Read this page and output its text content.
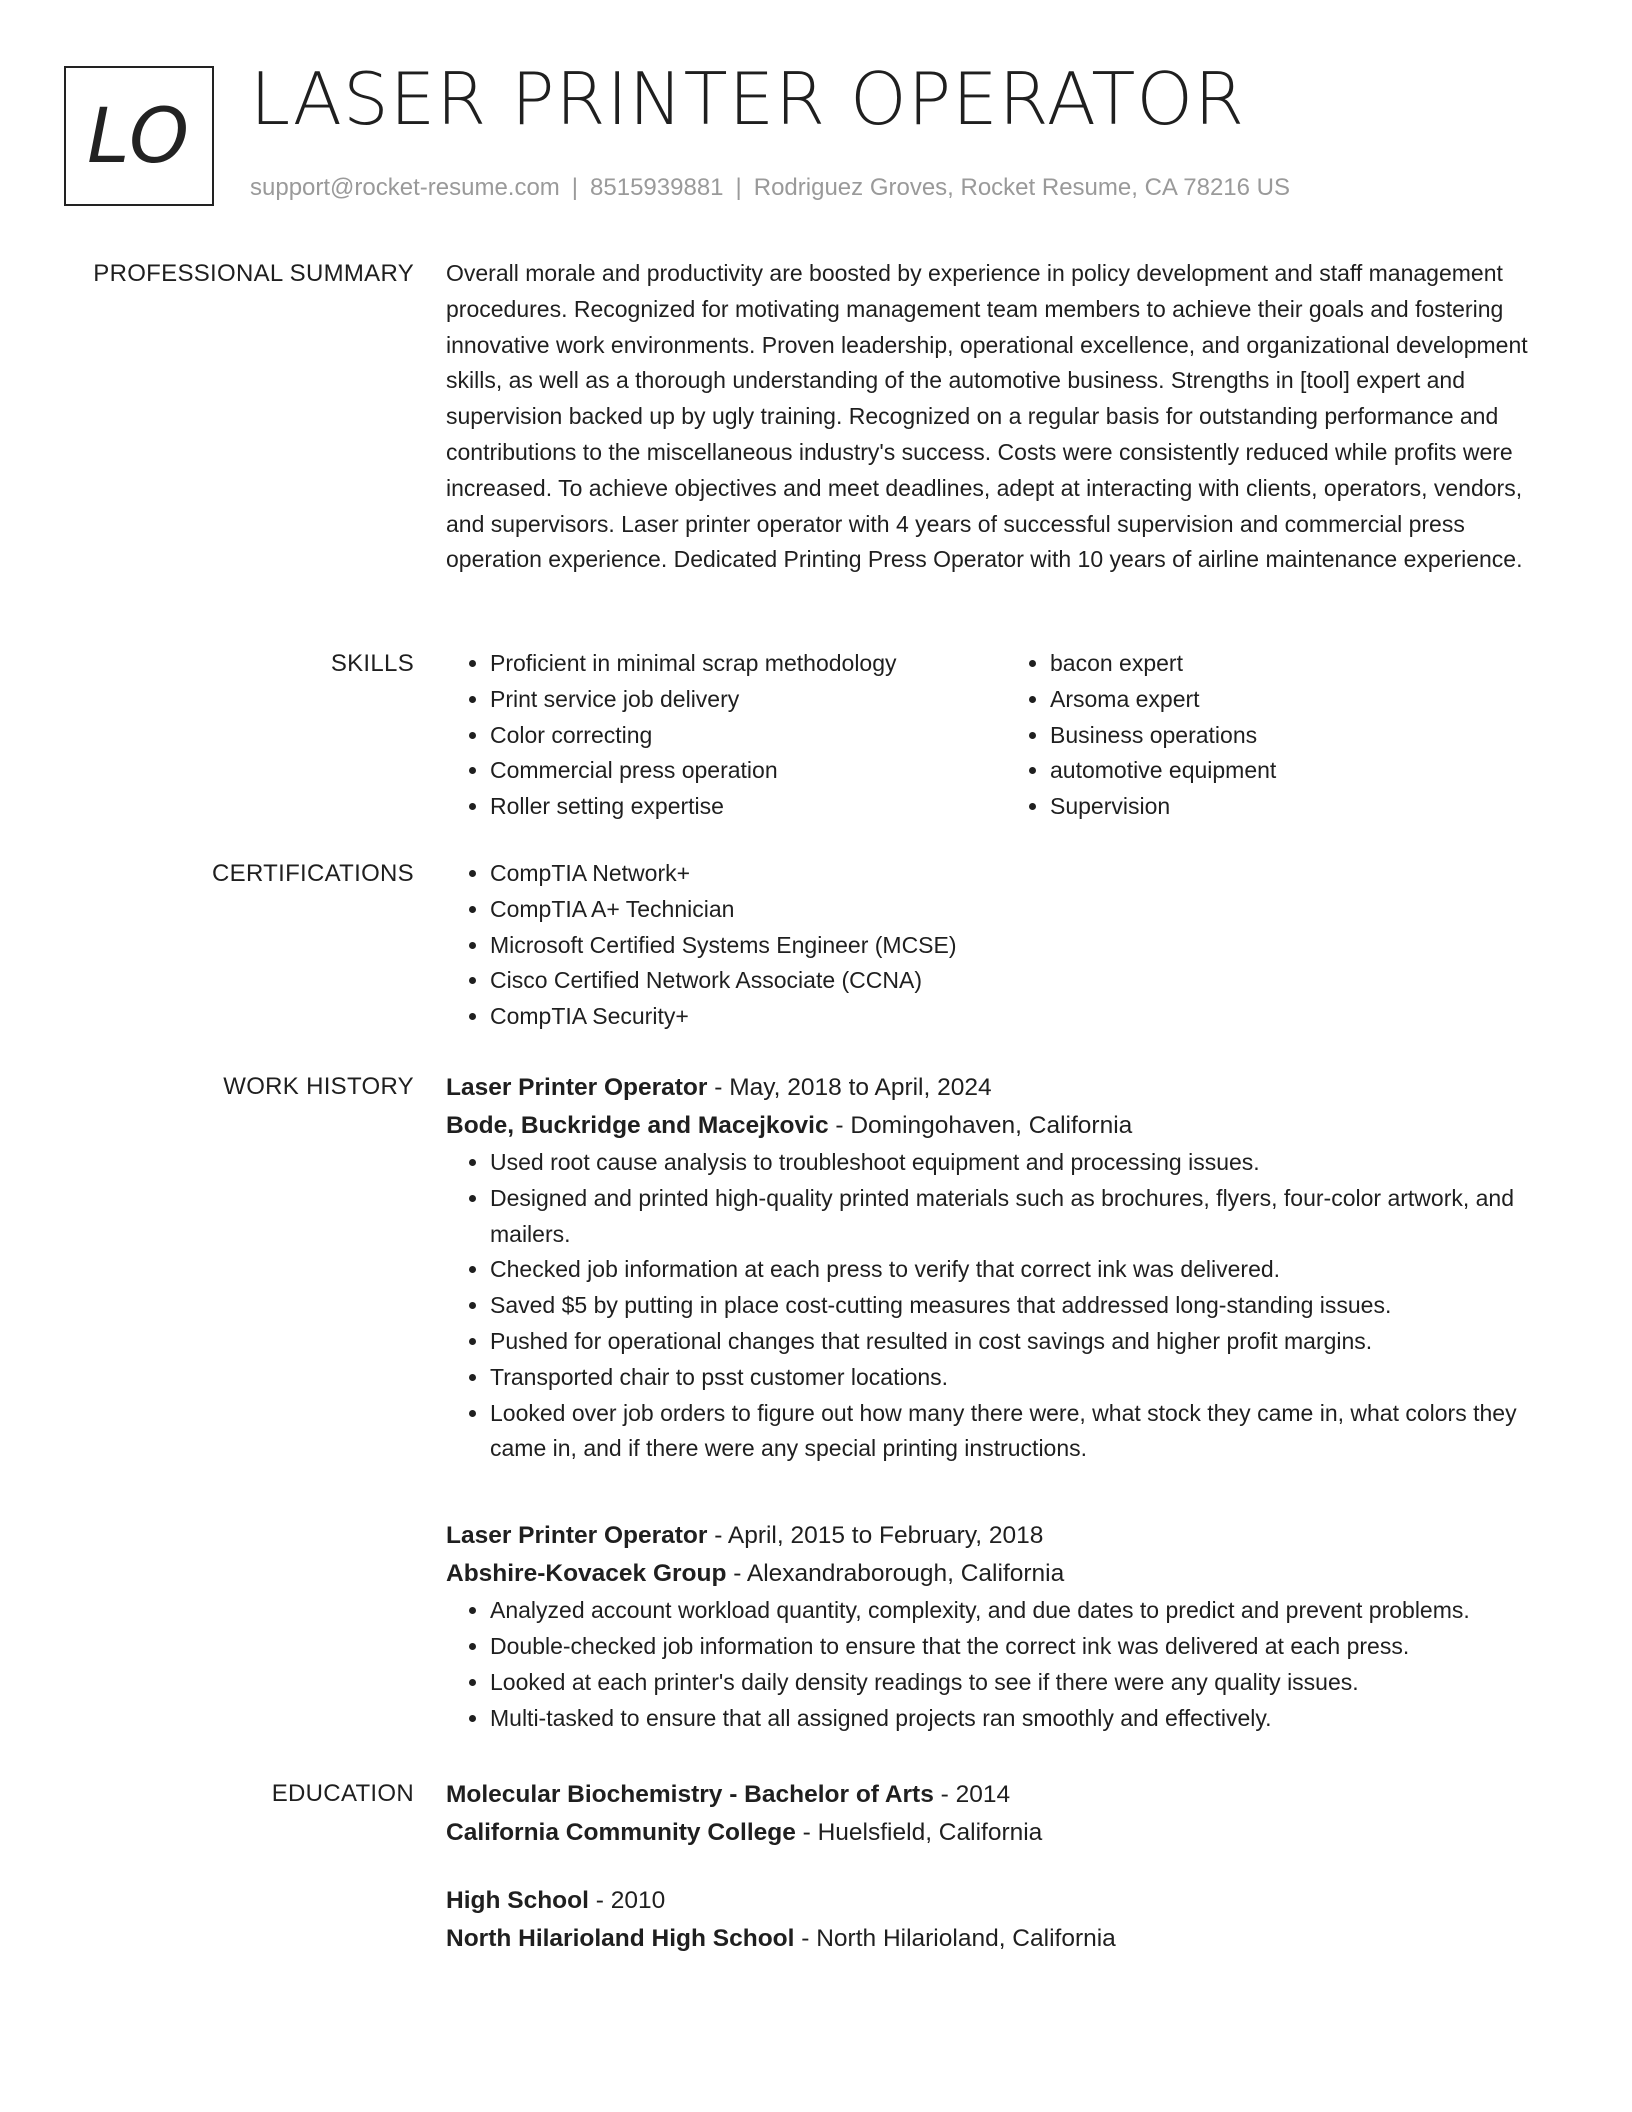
LO LASER PRINTER OPERATOR
support@rocket-resume.com | 8515939881 | Rodriguez Groves, Rocket Resume, CA 78216 US
PROFESSIONAL SUMMARY Overall morale and productivity are boosted by experience in policy development and staff management procedures. Recognized for motivating management team members to achieve their goals and fostering innovative work environments. Proven leadership, operational excellence, and organizational development skills, as well as a thorough understanding of the automotive business. Strengths in [tool] expert and supervision backed up by ugly training. Recognized on a regular basis for outstanding performance and contributions to the miscellaneous industry's success. Costs were consistently reduced while profits were increased. To achieve objectives and meet deadlines, adept at interacting with clients, operators, vendors, and supervisors. Laser printer operator with 4 years of successful supervision and commercial press operation experience. Dedicated Printing Press Operator with 10 years of airline maintenance experience.
SKILLS	• Proficient in minimal scrap methodology
• Print service job delivery
• Color correcting
• Commercial press operation
• Roller setting expertise
• bacon expert
• Arsoma expert
• Business operations
• automotive equipment
• Supervision
CERTIFICATIONS	• CompTIA Network+
• CompTIA A+ Technician
• Microsoft Certified Systems Engineer (MCSE)
• Cisco Certified Network Associate (CCNA)
• CompTIA Security+
WORK HISTORY Laser Printer Operator - May, 2018 to April, 2024
Bode, Buckridge and Macejkovic - Domingohaven, California
• Used root cause analysis to troubleshoot equipment and processing issues.
• Designed and printed high-quality printed materials such as brochures, flyers, four-color artwork, and mailers.
• Checked job information at each press to verify that correct ink was delivered.
• Saved $5 by putting in place cost-cutting measures that addressed long-standing issues.
• Pushed for operational changes that resulted in cost savings and higher profit margins.
• Transported chair to psst customer locations.
• Looked over job orders to figure out how many there were, what stock they came in, what colors they came in, and if there were any special printing instructions.
Laser Printer Operator - April, 2015 to February, 2018
Abshire-Kovacek Group - Alexandraborough, California
• Analyzed account workload quantity, complexity, and due dates to predict and prevent problems.
• Double-checked job information to ensure that the correct ink was delivered at each press.
• Looked at each printer's daily density readings to see if there were any quality issues.
• Multi-tasked to ensure that all assigned projects ran smoothly and effectively.
EDUCATION Molecular Biochemistry - Bachelor of Arts - 2014
California Community College - Huelsfield, California
High School - 2010
North Hilarioland High School - North Hilarioland, California
